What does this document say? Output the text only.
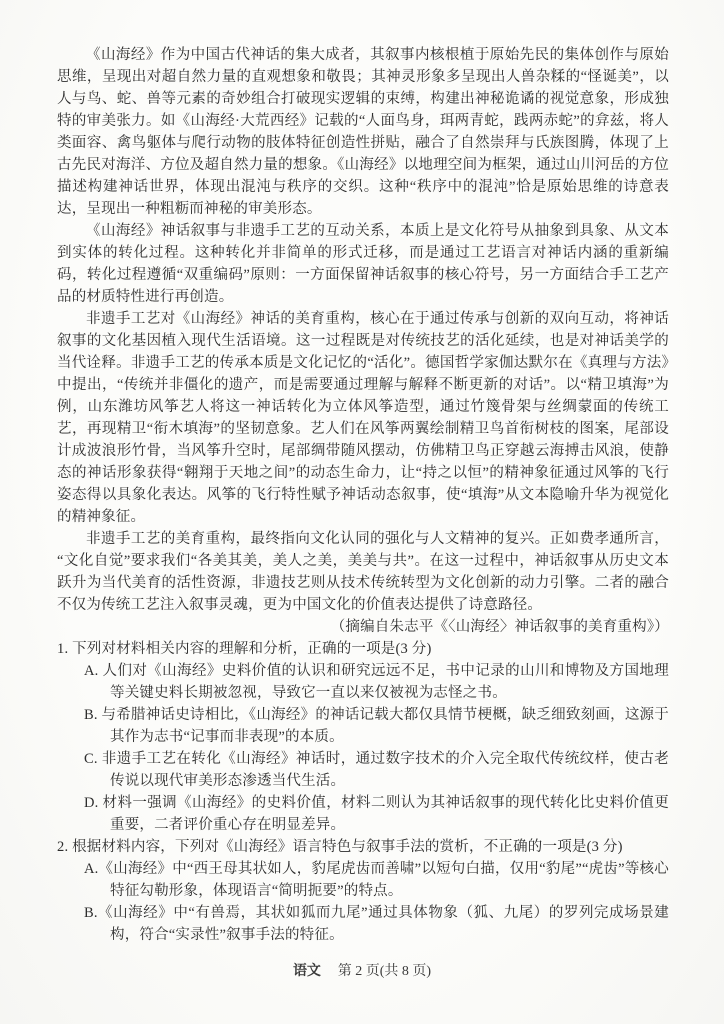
《山海经》作为中国古代神话的集大成者，其叙事内核根植于原始先民的集体创作与原始思维，呈现出对超自然力量的直观想象和敬畏；其神灵形象多呈现出人兽杂糅的“怪诞美”，以人与鸟、蛇、兽等元素的奇妙组合打破现实逻辑的束缚，构建出神秘诡谲的视觉意象，形成独特的审美张力。如《山海经·大荒西经》记载的“人面鸟身，珥两青蛇，践两赤蛇”的弇兹，将人类面容、禽鸟躯体与爬行动物的肢体特征创造性拼贴，融合了自然崇拜与氏族图腾，体现了上古先民对海洋、方位及超自然力量的想象。《山海经》以地理空间为框架，通过山川河岳的方位描述构建神话世界，体现出混沌与秩序的交织。这种“秩序中的混沌”恰是原始思维的诗意表达，呈现出一种粗粝而神秘的审美形态。

《山海经》神话叙事与非遗手工艺的互动关系，本质上是文化符号从抽象到具象、从文本到实体的转化过程。这种转化并非简单的形式迁移，而是通过工艺语言对神话内涵的重新编码，转化过程遵循“双重编码”原则：一方面保留神话叙事的核心符号，另一方面结合手工艺产品的材质特性进行再创造。

非遗手工艺对《山海经》神话的美育重构，核心在于通过传承与创新的双向互动，将神话叙事的文化基因植入现代生活语境。这一过程既是对传统技艺的活化延续，也是对神话美学的当代诠释。非遗手工艺的传承本质是文化记忆的“活化”。德国哲学家伽达默尔在《真理与方法》中提出，“传统并非僵化的遗产，而是需要通过理解与解释不断更新的对话”。以“精卫填海”为例，山东潍坊风筝艺人将这一神话转化为立体风筝造型，通过竹篾骨架与丝绸蒙面的传统工艺，再现精卫“衔木填海”的坚韧意象。艺人们在风筝两翼绘制精卫鸟首衔树枝的图案，尾部设计成波浪形竹骨，当风筝升空时，尾部绸带随风摆动，仿佛精卫鸟正穿越云海搏击风浪，使静态的神话形象获得“翱翔于天地之间”的动态生命力，让“持之以恒”的精神象征通过风筝的飞行姿态得以具象化表达。风筝的飞行特性赋予神话动态叙事，使“填海”从文本隐喻升华为视觉化的精神象征。

非遗手工艺的美育重构，最终指向文化认同的强化与人文精神的复兴。正如费孝通所言，“文化自觉”要求我们“各美其美，美人之美，美美与共”。在这一过程中，神话叙事从历史文本跃升为当代美育的活性资源，非遗技艺则从技术传统转型为文化创新的动力引擎。二者的融合不仅为传统工艺注入叙事灵魂，更为中国文化的价值表达提供了诗意路径。

（摘编自朱志平《〈山海经〉神话叙事的美育重构》）

1. 下列对材料相关内容的理解和分析，正确的一项是(3 分)

A. 人们对《山海经》史料价值的认识和研究远远不足，书中记录的山川和博物及方国地理等关键史料长期被忽视，导致它一直以来仅被视为志怪之书。

B. 与希腊神话史诗相比，《山海经》的神话记载大都仅具情节梗概，缺乏细致刻画，这源于其作为志书“记事而非表现”的本质。

C. 非遗手工艺在转化《山海经》神话时，通过数字技术的介入完全取代传统纹样，使古老传说以现代审美形态渗透当代生活。

D. 材料一强调《山海经》的史料价值，材料二则认为其神话叙事的现代转化比史料价值更重要，二者评价重心存在明显差异。

2. 根据材料内容，下列对《山海经》语言特色与叙事手法的赏析，不正确的一项是(3 分)

A.《山海经》中“西王母其状如人，豹尾虎齿而善啸”以短句白描，仅用“豹尾”“虎齿”等核心特征勾勒形象，体现语言“简明扼要”的特点。

B.《山海经》中“有兽焉，其状如狐而九尾”通过具体物象（狐、九尾）的罗列完成场景建构，符合“实录性”叙事手法的特征。

语文 第 2 页(共 8 页)
